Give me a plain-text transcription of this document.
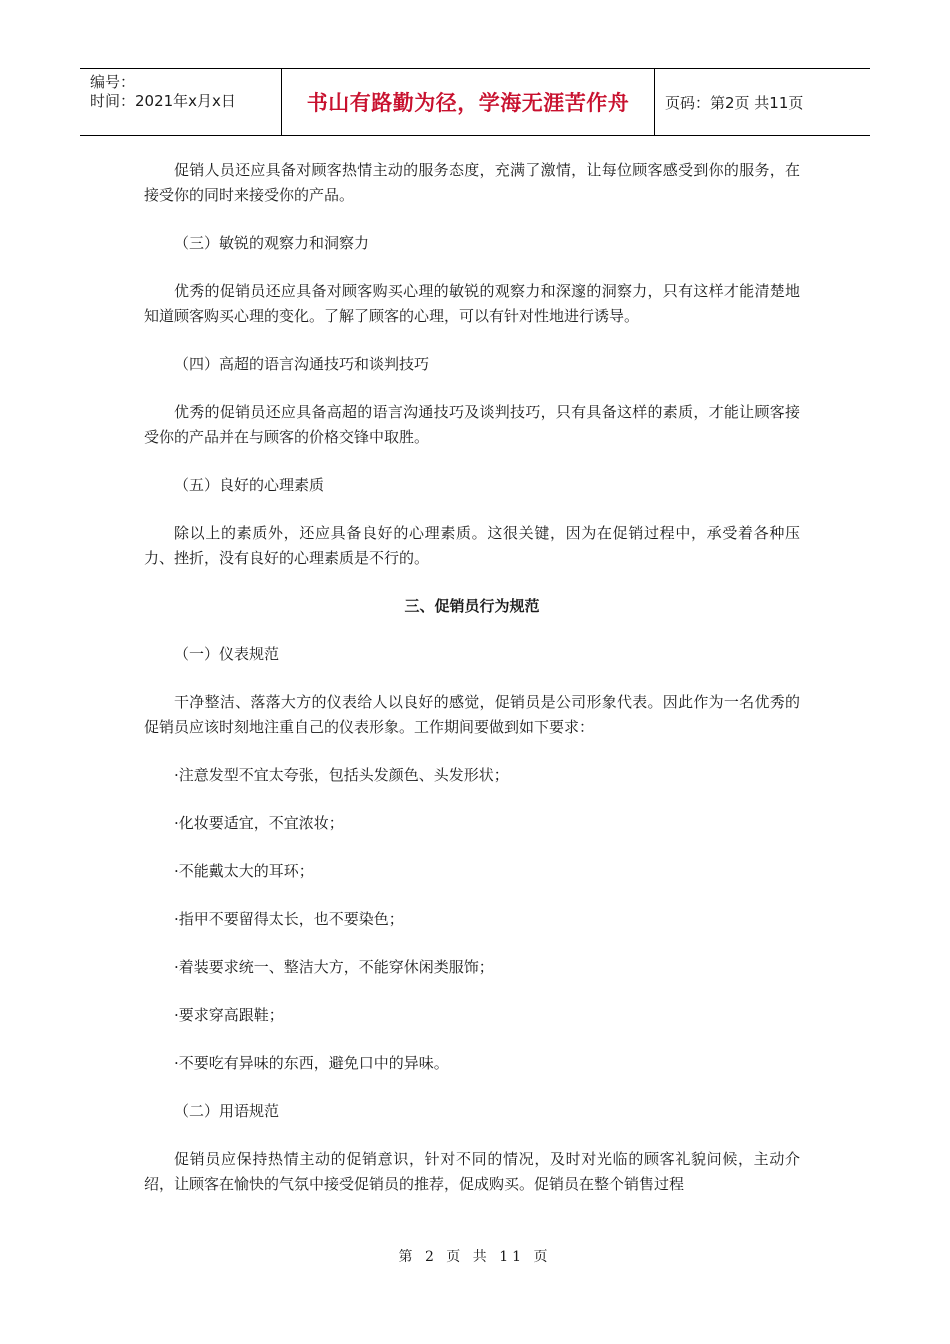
编号：
时间：2021年x月x日	书山有路勤为径，学海无涯苦作舟	页码：第2页 共11页

促销人员还应具备对顾客热情主动的服务态度，充满了激情，让每位顾客感受到你的服务，在接受你的同时来接受你的产品。

（三）敏锐的观察力和洞察力

优秀的促销员还应具备对顾客购买心理的敏锐的观察力和深邃的洞察力，只有这样才能清楚地知道顾客购买心理的变化。了解了顾客的心理，可以有针对性地进行诱导。

（四）高超的语言沟通技巧和谈判技巧

优秀的促销员还应具备高超的语言沟通技巧及谈判技巧，只有具备这样的素质，才能让顾客接受你的产品并在与顾客的价格交锋中取胜。

（五）良好的心理素质

除以上的素质外，还应具备良好的心理素质。这很关键，因为在促销过程中，承受着各种压力、挫折，没有良好的心理素质是不行的。

三、促销员行为规范

（一）仪表规范

干净整洁、落落大方的仪表给人以良好的感觉，促销员是公司形象代表。因此作为一名优秀的促销员应该时刻地注重自己的仪表形象。工作期间要做到如下要求：

·注意发型不宜太夸张，包括头发颜色、头发形状；

·化妆要适宜，不宜浓妆；

·不能戴太大的耳环；

·指甲不要留得太长，也不要染色；

·着装要求统一、整洁大方，不能穿休闲类服饰；

·要求穿高跟鞋；

·不要吃有异味的东西，避免口中的异味。

（二）用语规范

促销员应保持热情主动的促销意识，针对不同的情况，及时对光临的顾客礼貌问候，主动介绍，让顾客在愉快的气氛中接受促销员的推荐，促成购买。促销员在整个销售过程

第 2 页 共 11 页
